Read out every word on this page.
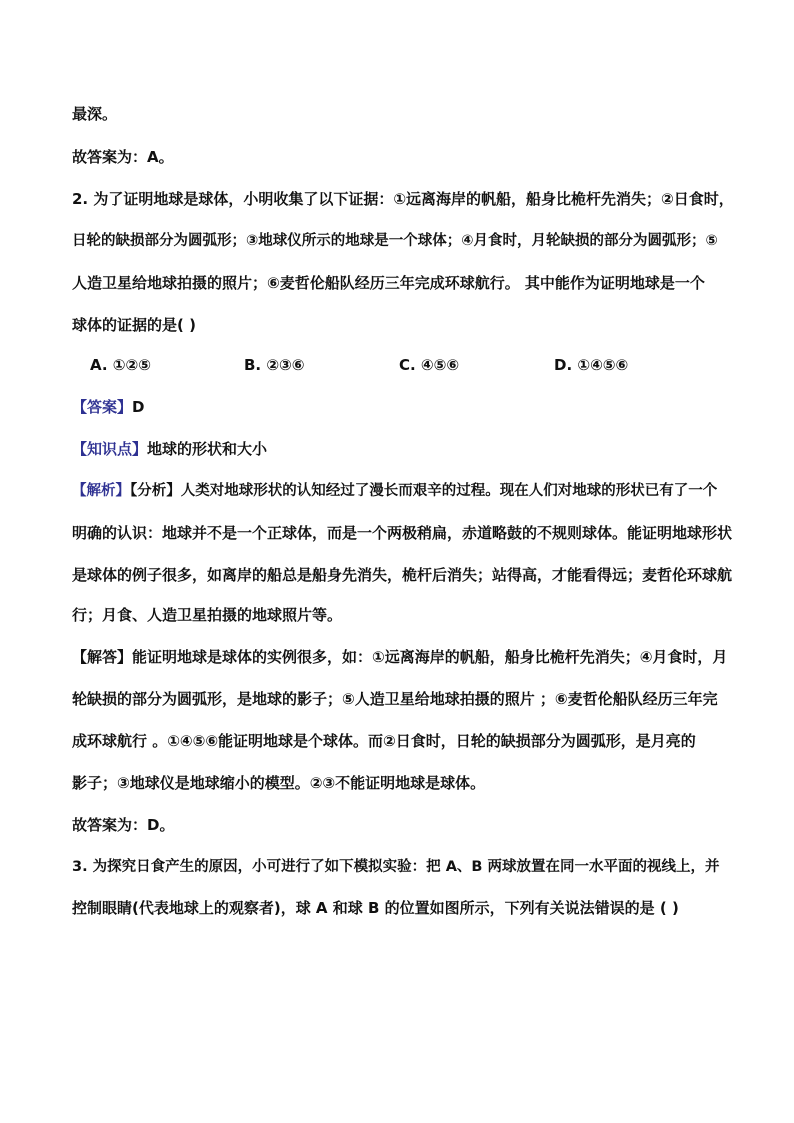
最深。
故答案为：A。
2. 为了证明地球是球体，小明收集了以下证据：①远离海岸的帆船，船身比桅杆先消失；②日食时，
日轮的缺损部分为圆弧形；③地球仪所示的地球是一个球体；④月食时，月轮缺损的部分为圆弧形；⑤
人造卫星给地球拍摄的照片；⑥麦哲伦船队经历三年完成环球航行。 其中能作为证明地球是一个
球体的证据的是( )
A. ①②⑤	B. ②③⑥	C. ④⑤⑥	D. ①④⑤⑥
【答案】D
【知识点】地球的形状和大小
【解析】【分析】人类对地球形状的认知经过了漫长而艰辛的过程。现在人们对地球的形状已有了一个
明确的认识：地球并不是一个正球体，而是一个两极稍扁，赤道略鼓的不规则球体。能证明地球形状
是球体的例子很多，如离岸的船总是船身先消失，桅杆后消失；站得高，才能看得远；麦哲伦环球航
行；月食、人造卫星拍摄的地球照片等。
【解答】能证明地球是球体的实例很多，如：①远离海岸的帆船，船身比桅杆先消失；④月食时，月
轮缺损的部分为圆弧形，是地球的影子；⑤人造卫星给地球拍摄的照片 ；⑥麦哲伦船队经历三年完
成环球航行 。①④⑤⑥能证明地球是个球体。而②日食时，日轮的缺损部分为圆弧形，是月亮的
影子；③地球仪是地球缩小的模型。②③不能证明地球是球体。
故答案为：D。
3. 为探究日食产生的原因，小可进行了如下模拟实验：把 A、B 两球放置在同一水平面的视线上，并
控制眼睛(代表地球上的观察者)，球 A 和球 B 的位置如图所示，下列有关说法错误的是 ( )
